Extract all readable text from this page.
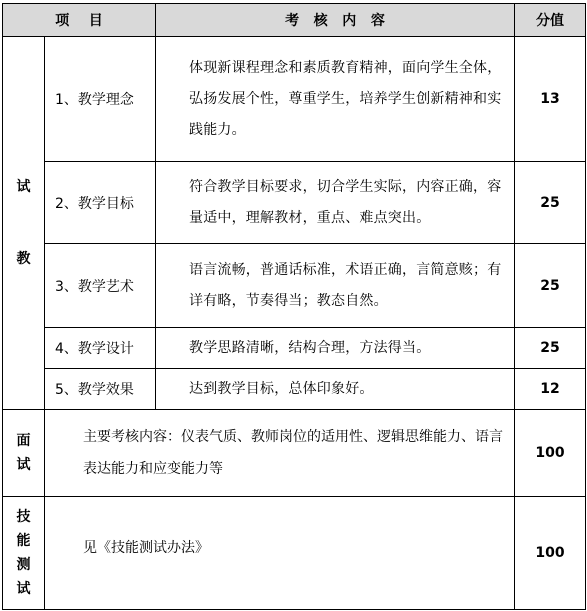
项    目		考   核   内   容	分值

试
教	1、教学理念	体现新课程理念和素质教育精神，面向学生全体，弘扬发展个性，尊重学生，培养学生创新精神和实践能力。	13
	2、教学目标	符合教学目标要求，切合学生实际，内容正确，容量适中，理解教材，重点、难点突出。	25
	3、教学艺术	语言流畅，普通话标准，术语正确，言简意赅；有详有略，节奏得当；教态自然。	25
	4、教学设计	教学思路清晰，结构合理，方法得当。	25
	5、教学效果	达到教学目标，总体印象好。	12

面
试	主要考核内容：仪表气质、教师岗位的适用性、逻辑思维能力、语言表达能力和应变能力等		100

技
能
测
试	见《技能测试办法》		100
